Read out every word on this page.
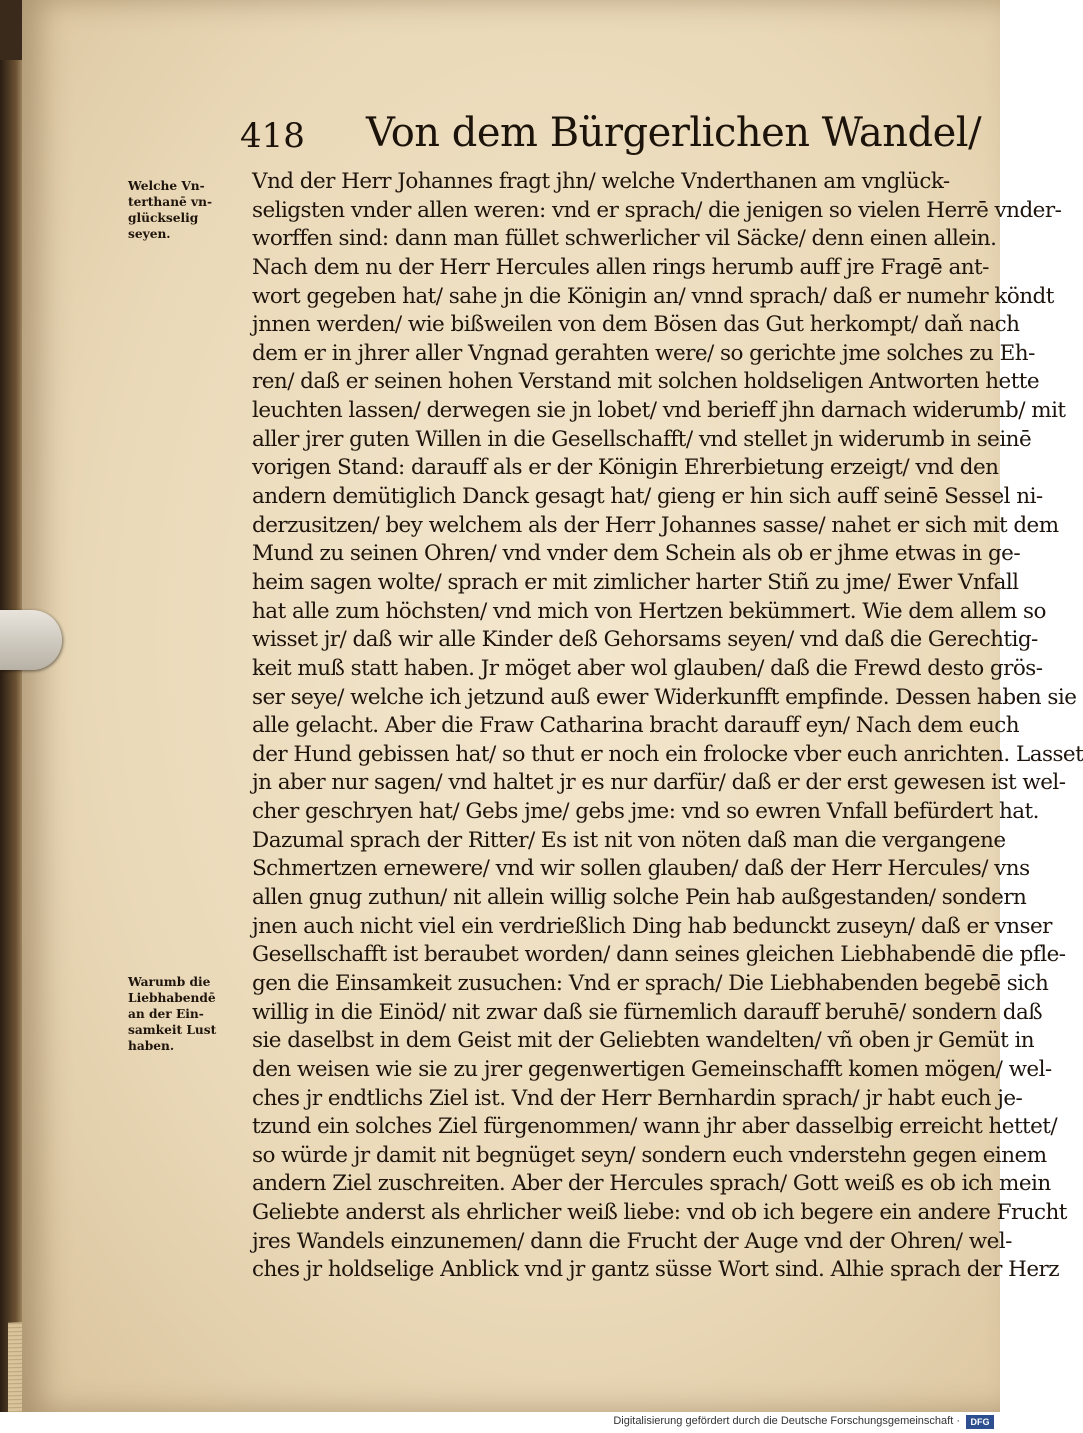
418 Von dem Bürgerlichen Wandel/
Welche Vn-
terthanē vn-
glückselig
seyen.
Warumb die
Liebhabendē
an der Ein-
samkeit Lust
haben.
Vnd der Herr Johannes fragt jhn/ welche Vnderthanen am vnglück-
seligsten vnder allen weren: vnd er sprach/ die jenigen so vielen Herrē vnder-
worffen sind: dann man füllet schwerlicher vil Säcke/ denn einen allein.
Nach dem nu der Herr Hercules allen rings herumb auff jre Fragē ant-
wort gegeben hat/ sahe jn die Königin an/ vnnd sprach/ daß er numehr köndt
jnnen werden/ wie bißweilen von dem Bösen das Gut herkompt/ daň nach
dem er in jhrer aller Vngnad gerahten were/ so gerichte jme solches zu Eh-
ren/ daß er seinen hohen Verstand mit solchen holdseligen Antworten hette
leuchten lassen/ derwegen sie jn lobet/ vnd berieff jhn darnach widerumb/ mit
aller jrer guten Willen in die Gesellschafft/ vnd stellet jn widerumb in seinē
vorigen Stand: darauff als er der Königin Ehrerbietung erzeigt/ vnd den
andern demütiglich Danck gesagt hat/ gieng er hin sich auff seinē Sessel ni-
derzusitzen/ bey welchem als der Herr Johannes sasse/ nahet er sich mit dem
Mund zu seinen Ohren/ vnd vnder dem Schein als ob er jhme etwas in ge-
heim sagen wolte/ sprach er mit zimlicher harter Stiñ zu jme/ Ewer Vnfall
hat alle zum höchsten/ vnd mich von Hertzen bekümmert. Wie dem allem so
wisset jr/ daß wir alle Kinder deß Gehorsams seyen/ vnd daß die Gerechtig-
keit muß statt haben. Jr möget aber wol glauben/ daß die Frewd desto grös-
ser seye/ welche ich jetzund auß ewer Widerkunfft empfinde. Dessen haben sie
alle gelacht. Aber die Fraw Catharina bracht darauff eyn/ Nach dem euch
der Hund gebissen hat/ so thut er noch ein frolocke vber euch anrichten. Lasset
jn aber nur sagen/ vnd haltet jr es nur darfür/ daß er der erst gewesen ist wel-
cher geschryen hat/ Gebs jme/ gebs jme: vnd so ewren Vnfall befürdert hat.
Dazumal sprach der Ritter/ Es ist nit von nöten daß man die vergangene
Schmertzen ernewere/ vnd wir sollen glauben/ daß der Herr Hercules/ vns
allen gnug zuthun/ nit allein willig solche Pein hab außgestanden/ sondern
jnen auch nicht viel ein verdrießlich Ding hab bedunckt zuseyn/ daß er vnser
Gesellschafft ist beraubet worden/ dann seines gleichen Liebhabendē die pfle-
gen die Einsamkeit zusuchen: Vnd er sprach/ Die Liebhabenden begebē sich
willig in die Einöd/ nit zwar daß sie fürnemlich darauff beruhē/ sondern daß
sie daselbst in dem Geist mit der Geliebten wandelten/ vñ oben jr Gemüt in
den weisen wie sie zu jrer gegenwertigen Gemeinschafft komen mögen/ wel-
ches jr endtlichs Ziel ist. Vnd der Herr Bernhardin sprach/ jr habt euch je-
tzund ein solches Ziel fürgenommen/ wann jhr aber dasselbig erreicht hettet/
so würde jr damit nit begnüget seyn/ sondern euch vnderstehn gegen einem
andern Ziel zuschreiten. Aber der Hercules sprach/ Gott weiß es ob ich mein
Geliebte anderst als ehrlicher weiß liebe: vnd ob ich begere ein andere Frucht
jres Wandels einzunemen/ dann die Frucht der Auge vnd der Ohren/ wel-
ches jr holdselige Anblick vnd jr gantz süsse Wort sind. Alhie sprach der Herz
Digitalisierung gefördert durch die Deutsche Forschungsgemeinschaft ·	DFG
